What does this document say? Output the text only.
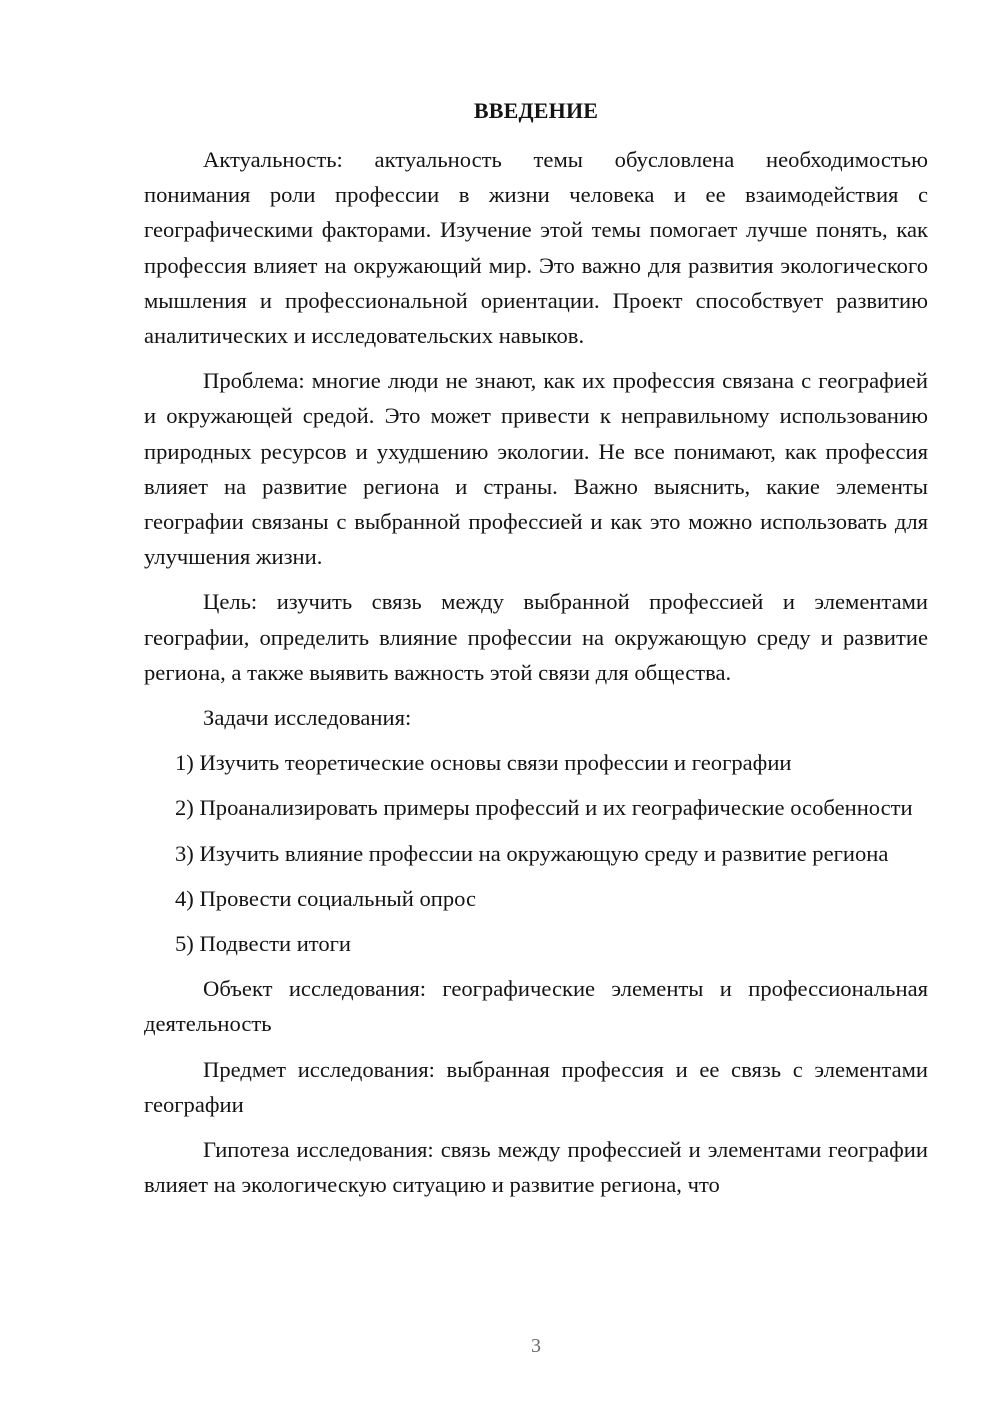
ВВЕДЕНИЕ

Актуальность: актуальность темы обусловлена необходимостью понимания роли профессии в жизни человека и ее взаимодействия с географическими факторами. Изучение этой темы помогает лучше понять, как профессия влияет на окружающий мир. Это важно для развития экологического мышления и профессиональной ориентации. Проект способствует развитию аналитических и исследовательских навыков.

Проблема: многие люди не знают, как их профессия связана с географией и окружающей средой. Это может привести к неправильному использованию природных ресурсов и ухудшению экологии. Не все понимают, как профессия влияет на развитие региона и страны. Важно выяснить, какие элементы географии связаны с выбранной профессией и как это можно использовать для улучшения жизни.

Цель: изучить связь между выбранной профессией и элементами географии, определить влияние профессии на окружающую среду и развитие региона, а также выявить важность этой связи для общества.

Задачи исследования:

1) Изучить теоретические основы связи профессии и географии

2) Проанализировать примеры профессий и их географические особенности

3) Изучить влияние профессии на окружающую среду и развитие региона

4) Провести социальный опрос

5) Подвести итоги

Объект исследования: географические элементы и профессиональная деятельность

Предмет исследования: выбранная профессия и ее связь с элементами географии

Гипотеза исследования: связь между профессией и элементами географии влияет на экологическую ситуацию и развитие региона, что

3
